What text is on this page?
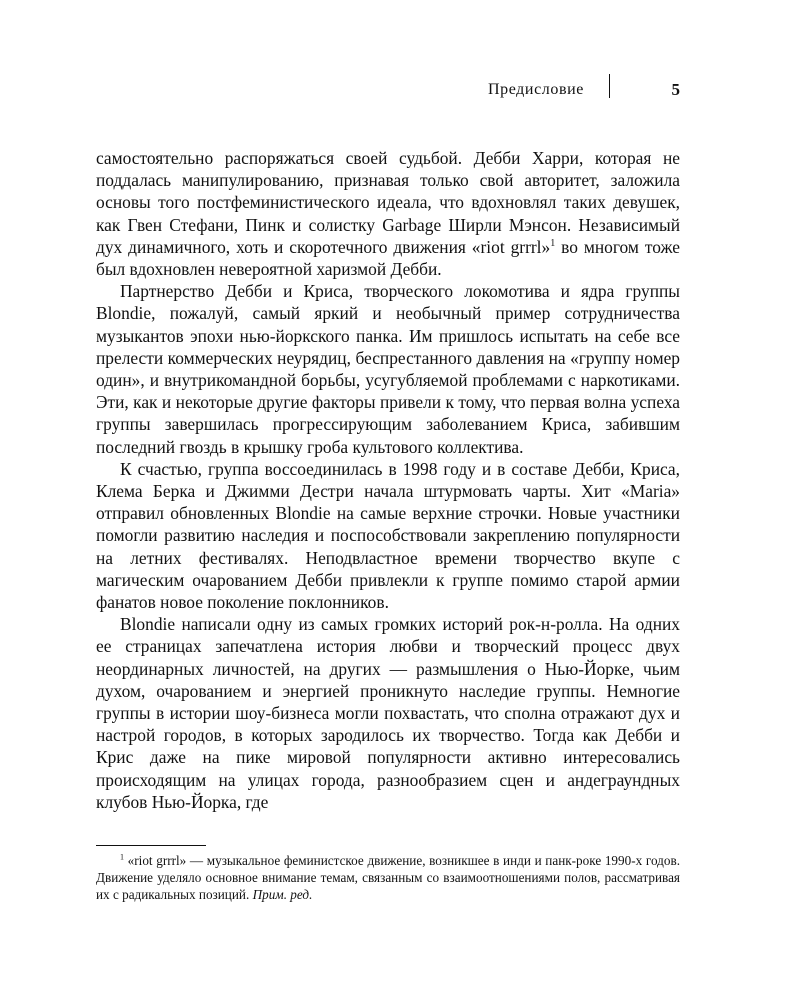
Предисловие	5

самостоятельно распоряжаться своей судьбой. Дебби Харри, которая не поддалась манипулированию, признавая только свой авторитет, заложила основы того постфеминистического идеала, что вдохновлял таких девушек, как Гвен Стефани, Пинк и солистку Garbage Ширли Мэнсон. Независимый дух динамичного, хоть и скоротечного движения «riot grrrl»$^1$ во многом тоже был вдохновлен невероятной харизмой Дебби.

Партнерство Дебби и Криса, творческого локомотива и ядра группы Blondie, пожалуй, самый яркий и необычный пример сотрудничества музыкантов эпохи нью-йоркского панка. Им пришлось испытать на себе все прелести коммерческих неурядиц, беспрестанного давления на «группу номер один», и внутрикомандной борьбы, усугубляемой проблемами с наркотиками. Эти, как и некоторые другие факторы привели к тому, что первая волна успеха группы завершилась прогрессирующим заболеванием Криса, забившим последний гвоздь в крышку гроба культового коллектива.

К счастью, группа воссоединилась в 1998 году и в составе Дебби, Криса, Клема Берка и Джимми Дестри начала штурмовать чарты. Хит «Maria» отправил обновленных Blondie на самые верхние строчки. Новые участники помогли развитию наследия и поспособствовали закреплению популярности на летних фестивалях. Неподвластное времени творчество вкупе с магическим очарованием Дебби привлекли к группе помимо старой армии фанатов новое поколение поклонников.

Blondie написали одну из самых громких историй рок-н-ролла. На одних ее страницах запечатлена история любви и творческий процесс двух неординарных личностей, на других — размышления о Нью-Йорке, чьим духом, очарованием и энергией проникнуто наследие группы. Немногие группы в истории шоу-бизнеса могли похвастать, что сполна отражают дух и настрой городов, в которых зародилось их творчество. Тогда как Дебби и Крис даже на пике мировой популярности активно интересовались происходящим на улицах города, разнообразием сцен и андеграундных клубов Нью-Йорка, где

$^1$ «riot grrrl» — музыкальное феминистское движение, возникшее в инди и панк-роке 1990-х годов. Движение уделяло основное внимание темам, связанным со взаимоотношениями полов, рассматривая их с радикальных позиций. Прим. ред.
